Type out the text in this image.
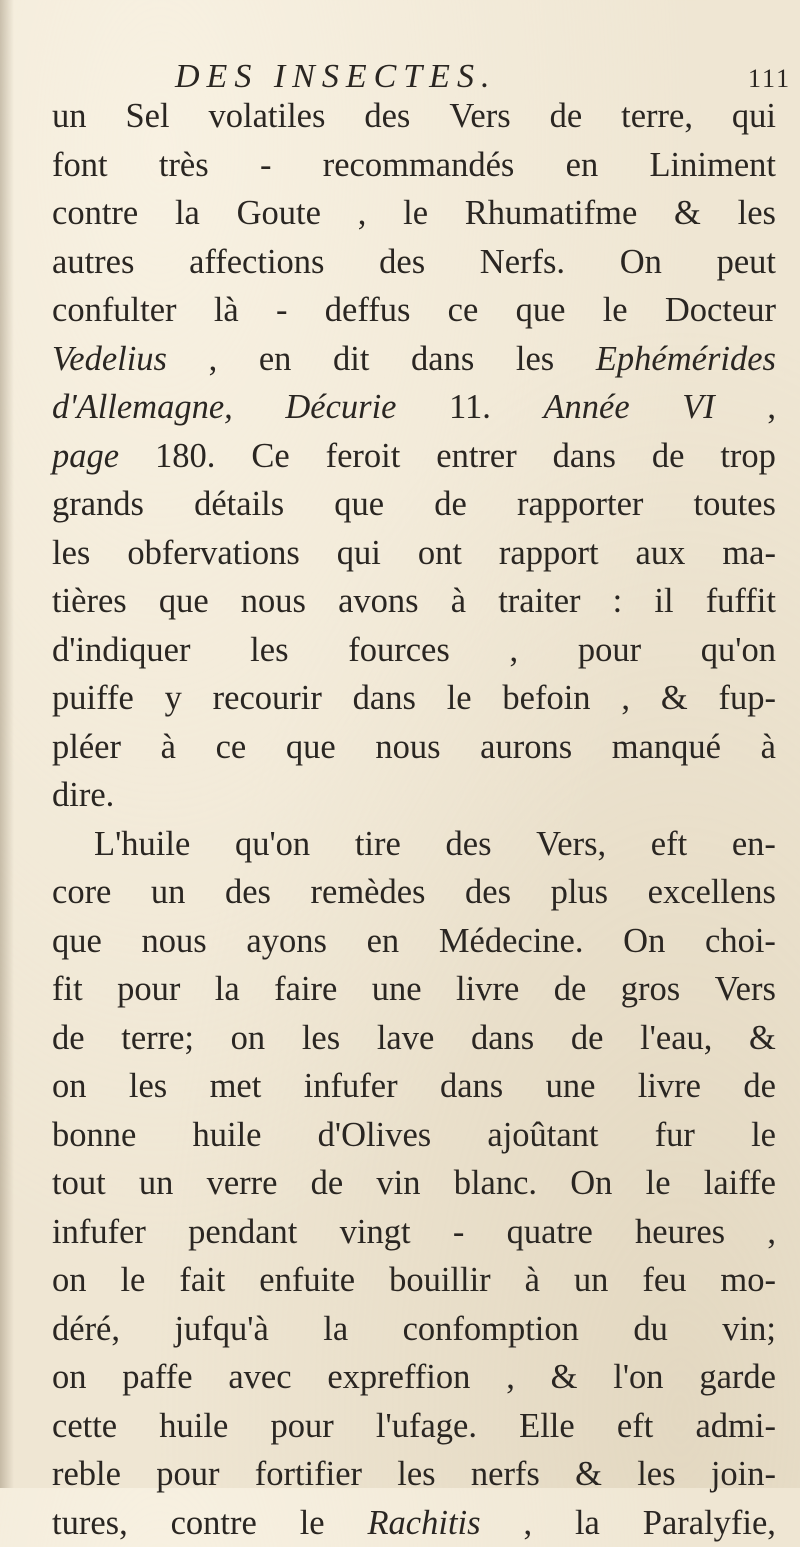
DES INSECTES.	111
un Sel volatiles des Vers de terre, qui
font très - recommandés en Liniment
contre la Goute , le Rhumatifme & les
autres affections des Nerfs. On peut
confulter là - deffus ce que le Docteur
Vedelius , en dit dans les Ephémérides
d'Allemagne, Décurie 11. Année VI ,
page 180. Ce feroit entrer dans de trop
grands détails que de rapporter toutes
les obfervations qui ont rapport aux ma-
tières que nous avons à traiter : il fuffit
d'indiquer les fources , pour qu'on
puiffe y recourir dans le befoin , & fup-
pléer à ce que nous aurons manqué à
dire.
L'huile qu'on tire des Vers, eft en-
core un des remèdes des plus excellens
que nous ayons en Médecine. On choi-
fit pour la faire une livre de gros Vers
de terre; on les lave dans de l'eau, &
on les met infufer dans une livre de
bonne huile d'Olives ajoûtant fur le
tout un verre de vin blanc. On le laiffe
infufer pendant vingt - quatre heures ,
on le fait enfuite bouillir à un feu mo-
déré, jufqu'à la confomption du vin;
on paffe avec expreffion , & l'on garde
cette huile pour l'ufage. Elle eft admi-
reble pour fortifier les nerfs & les join-
tures, contre le Rachitis , la Paralyfie,
